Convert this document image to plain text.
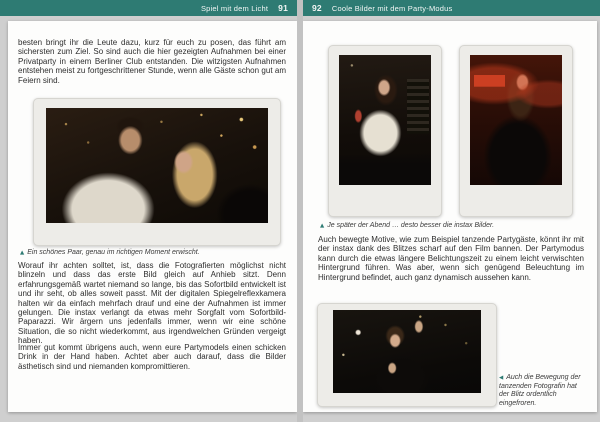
Spiel mit dem Licht 91	92 Coole Bilder mit dem Party-Modus
besten bringt ihr die Leute dazu, kurz für euch zu posen, das führt am sichersten zum Ziel. So sind auch die hier gezeigten Aufnahmen bei einer Privatparty in einem Berliner Club entstanden. Die witzigsten Aufnahmen entstehen meist zu fortgeschrittener Stunde, wenn alle Gäste schon gut am Feiern sind.
▲ Ein schönes Paar, genau im richtigen Moment erwischt.
Worauf ihr achten solltet, ist, dass die Fotografierten möglichst nicht blinzeln und dass das erste Bild gleich auf Anhieb sitzt. Denn erfahrungsgemäß wartet niemand so lange, bis das Sofortbild entwickelt ist und ihr seht, ob alles soweit passt. Mit der digitalen Spiegelreflexkamera halten wir da einfach mehrfach drauf und eine der Aufnahmen ist immer gelungen. Die instax verlangt da etwas mehr Sorgfalt vom Sofortbild-Paparazzi. Wir ärgern uns jedenfalls immer, wenn wir eine schöne Situation, die so nicht wiederkommt, aus irgendwelchen Gründen vergeigt haben.
Immer gut kommt übrigens auch, wenn eure Partymodels einen schicken Drink in der Hand haben. Achtet aber auch darauf, dass die Bilder ästhetisch sind und niemanden kompromittieren.
▲ Je später der Abend … desto besser die instax Bilder.
Auch bewegte Motive, wie zum Beispiel tanzende Partygäste, könnt ihr mit der instax dank des Blitzes scharf auf den Film bannen. Der Partymodus kann durch die etwas längere Belichtungszeit zu einem leicht verwischten Hintergrund führen. Was aber, wenn sich genügend Beleuchtung im Hintergrund befindet, auch ganz dynamisch aussehen kann.
◀ Auch die Bewegung der tanzenden Fotografin hat der Blitz ordentlich eingefroren.
